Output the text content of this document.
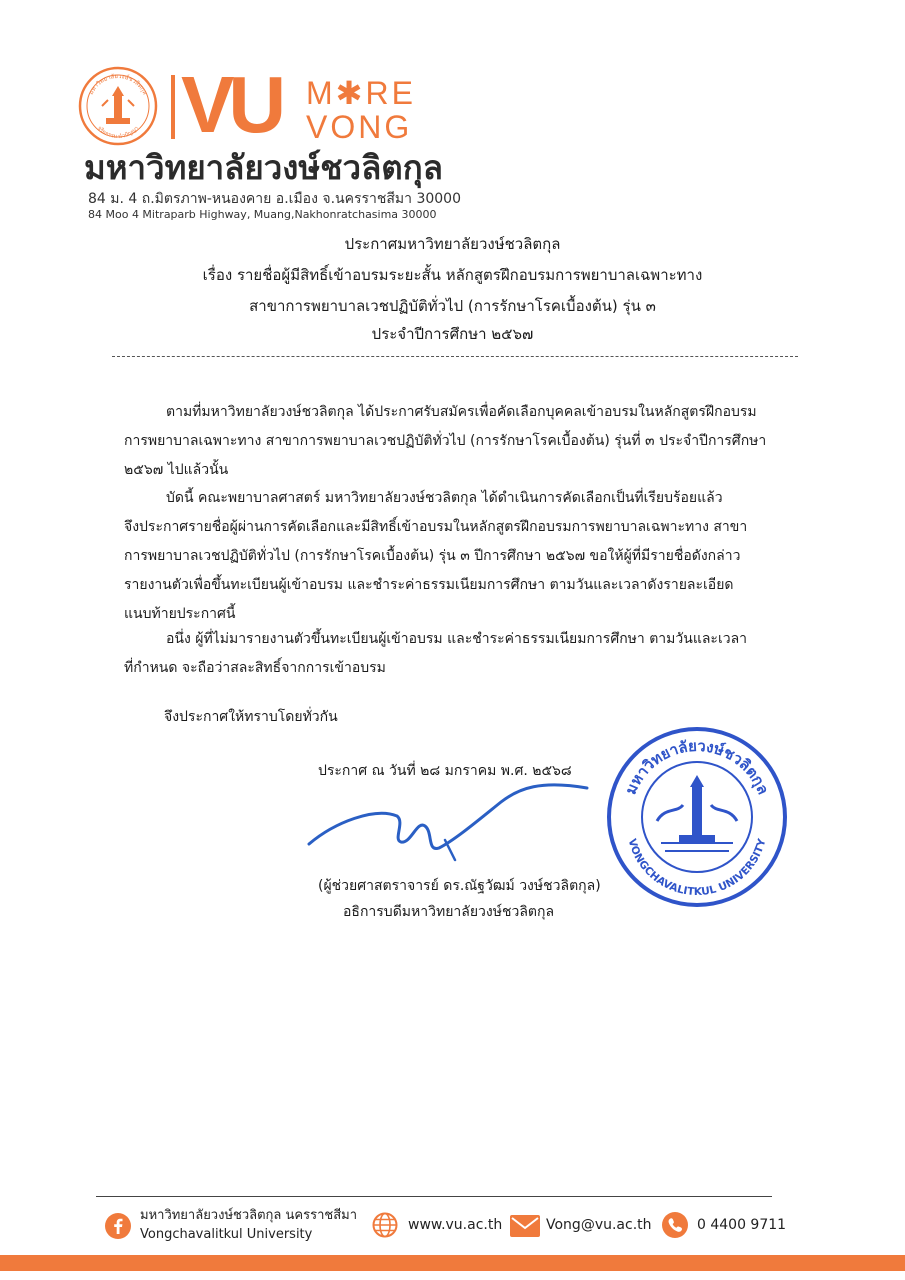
มหาวิทยาลัยวงษ์ชวลิตกุล
จริยธรรม นำปัญญา VU M✱RE
VONG
มหาวิทยาลัยวงษ์ชวลิตกุล
84 ม. 4 ถ.มิตรภาพ-หนองคาย อ.เมือง จ.นครราชสีมา 30000
84 Moo 4 Mitraparb Highway, Muang,Nakhonratchasima 30000
ประกาศมหาวิทยาลัยวงษ์ชวลิตกุล
เรื่อง รายชื่อผู้มีสิทธิ์เข้าอบรมระยะสั้น หลักสูตรฝึกอบรมการพยาบาลเฉพาะทาง
สาขาการพยาบาลเวชปฏิบัติทั่วไป (การรักษาโรคเบื้องต้น) รุ่น ๓
ประจำปีการศึกษา ๒๕๖๗
ตามที่มหาวิทยาลัยวงษ์ชวลิตกุล ได้ประกาศรับสมัครเพื่อคัดเลือกบุคคลเข้าอบรมในหลักสูตรฝึกอบรม
การพยาบาลเฉพาะทาง สาขาการพยาบาลเวชปฏิบัติทั่วไป (การรักษาโรคเบื้องต้น) รุ่นที่ ๓ ประจำปีการศึกษา
๒๕๖๗ ไปแล้วนั้น
บัดนี้ คณะพยาบาลศาสตร์ มหาวิทยาลัยวงษ์ชวลิตกุล ได้ดำเนินการคัดเลือกเป็นที่เรียบร้อยแล้ว
จึงประกาศรายชื่อผู้ผ่านการคัดเลือกและมีสิทธิ์เข้าอบรมในหลักสูตรฝึกอบรมการพยาบาลเฉพาะทาง สาขา
การพยาบาลเวชปฏิบัติทั่วไป (การรักษาโรคเบื้องต้น) รุ่น ๓ ปีการศึกษา ๒๕๖๗ ขอให้ผู้ที่มีรายชื่อดังกล่าว
รายงานตัวเพื่อขึ้นทะเบียนผู้เข้าอบรม และชำระค่าธรรมเนียมการศึกษา ตามวันและเวลาดังรายละเอียด
แนบท้ายประกาศนี้
อนึ่ง ผู้ที่ไม่มารายงานตัวขึ้นทะเบียนผู้เข้าอบรม และชำระค่าธรรมเนียมการศึกษา ตามวันและเวลา
ที่กำหนด จะถือว่าสละสิทธิ์จากการเข้าอบรม
จึงประกาศให้ทราบโดยทั่วกัน
ประกาศ ณ วันที่ ๒๘ มกราคม พ.ศ. ๒๕๖๘
(ผู้ช่วยศาสตราจารย์ ดร.ณัฐวัฒม์ วงษ์ชวลิตกุล)
อธิการบดีมหาวิทยาลัยวงษ์ชวลิตกุล
มหาวิทยาลัยวงษ์ชวลิตกุล
VONGCHAVALITKUL UNIVERSITY
มหาวิทยาลัยวงษ์ชวลิตกุล นครราชสีมา
Vongchavalitkul University
www.vu.ac.th	Vong@vu.ac.th	0 4400 9711
